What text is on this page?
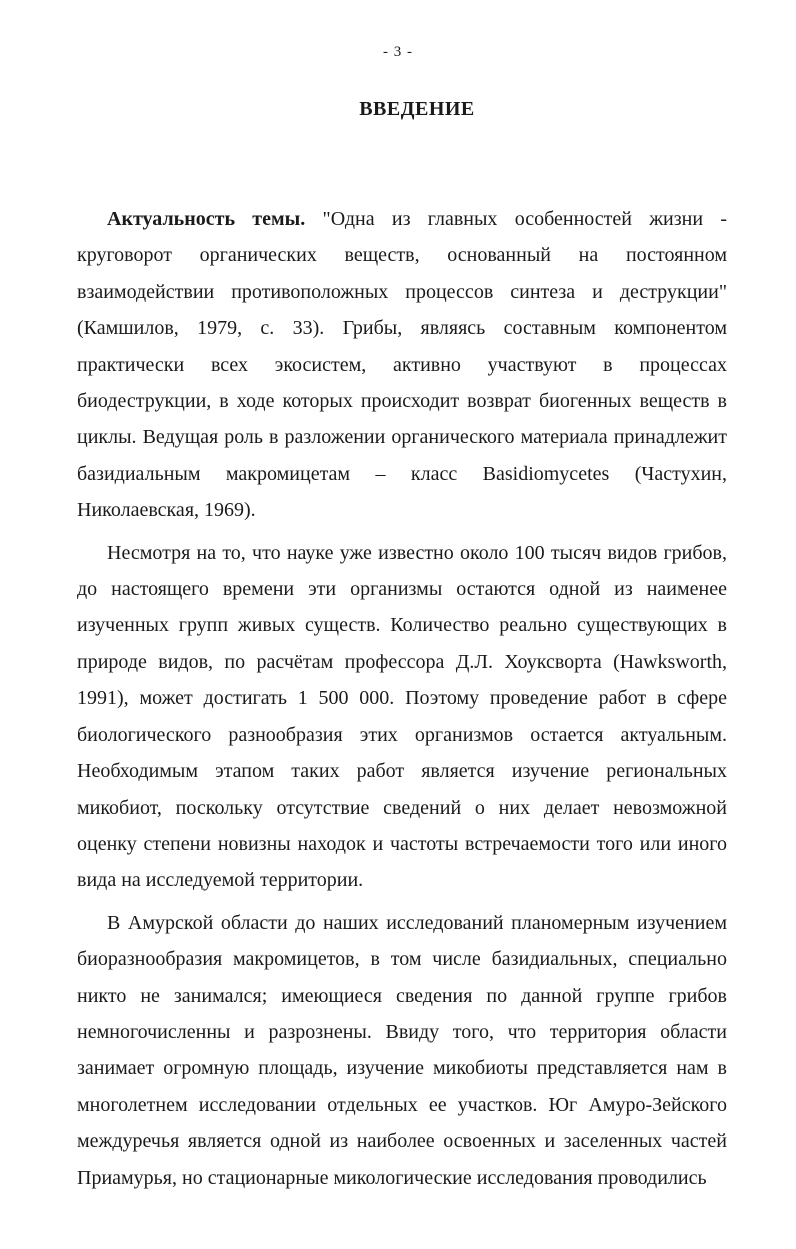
- 3 -
ВВЕДЕНИЕ

Актуальность темы. "Одна из главных особенностей жизни - круговорот органических веществ, основанный на постоянном взаимодействии противоположных процессов синтеза и деструкции" (Камшилов, 1979, с. 33). Грибы, являясь составным компонентом практически всех экосистем, активно участвуют в процессах биодеструкции, в ходе которых происходит возврат биогенных веществ в циклы. Ведущая роль в разложении органического материала принадлежит базидиальным макромицетам – класс Basidiomycetes (Частухин, Николаевская, 1969).

Несмотря на то, что науке уже известно около 100 тысяч видов грибов, до настоящего времени эти организмы остаются одной из наименее изученных групп живых существ. Количество реально существующих в природе видов, по расчётам профессора Д.Л. Хоуксворта (Hawksworth, 1991), может достигать 1 500 000. Поэтому проведение работ в сфере биологического разнообразия этих организмов остается актуальным. Необходимым этапом таких работ является изучение региональных микобиот, поскольку отсутствие сведений о них делает невозможной оценку степени новизны находок и частоты встречаемости того или иного вида на исследуемой территории.

В Амурской области до наших исследований планомерным изучением биоразнообразия макромицетов, в том числе базидиальных, специально никто не занимался; имеющиеся сведения по данной группе грибов немногочисленны и разрознены. Ввиду того, что территория области занимает огромную площадь, изучение микобиоты представляется нам в многолетнем исследовании отдельных ее участков. Юг Амуро-Зейского междуречья является одной из наиболее освоенных и заселенных частей Приамурья, но стационарные микологические исследования проводились
